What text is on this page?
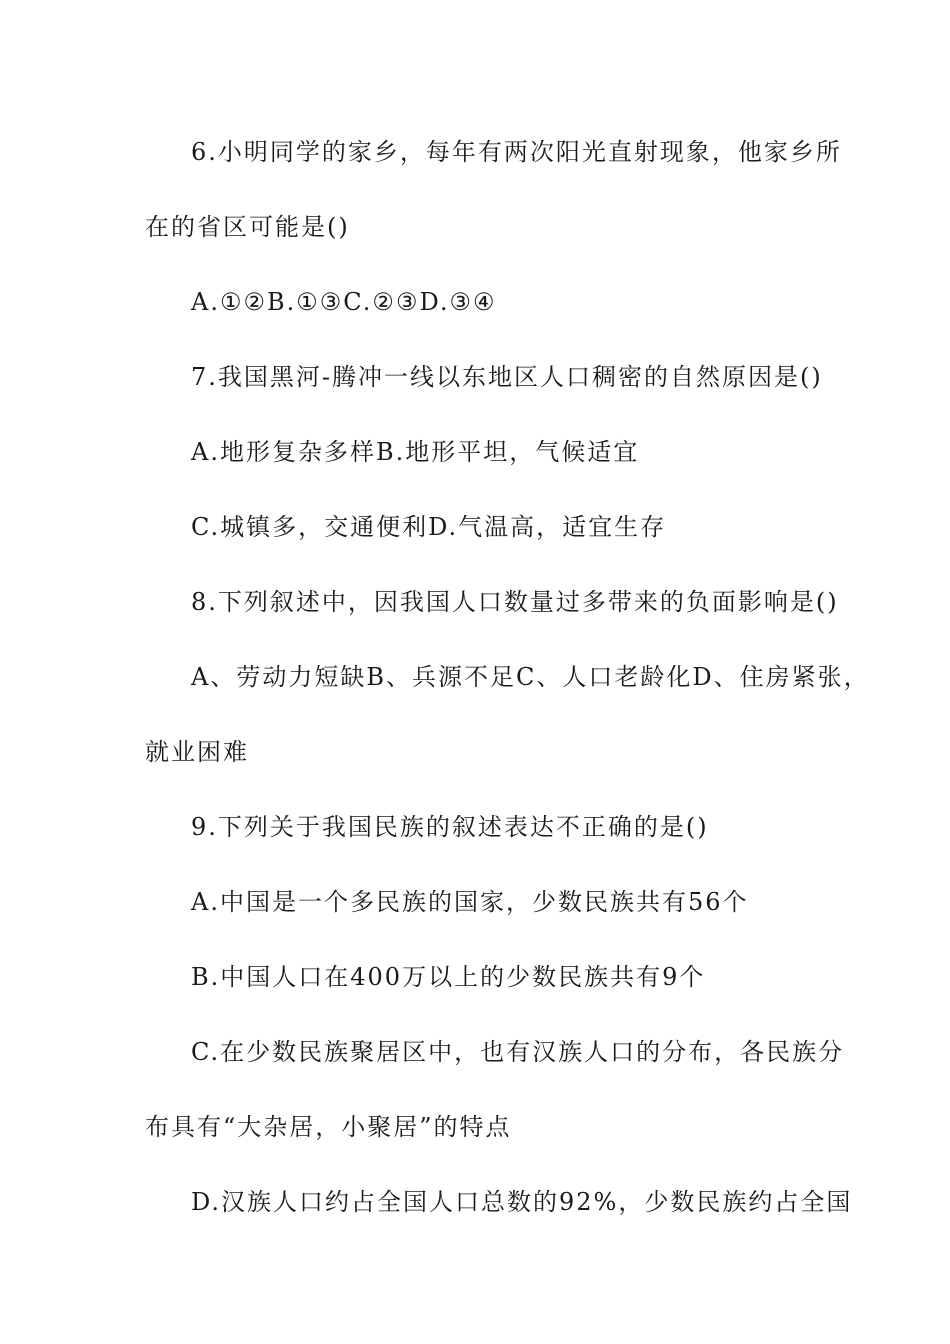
6.小明同学的家乡，每年有两次阳光直射现象，他家乡所
在的省区可能是()
A.①②B.①③C.②③D.③④
7.我国黑河-腾冲一线以东地区人口稠密的自然原因是()
A.地形复杂多样B.地形平坦，气候适宜
C.城镇多，交通便利D.气温高，适宜生存
8.下列叙述中，因我国人口数量过多带来的负面影响是()
A、劳动力短缺B、兵源不足C、人口老龄化D、住房紧张，
就业困难
9.下列关于我国民族的叙述表达不正确的是()
A.中国是一个多民族的国家，少数民族共有56个
B.中国人口在400万以上的少数民族共有9个
C.在少数民族聚居区中，也有汉族人口的分布，各民族分
布具有“大杂居，小聚居”的特点
D.汉族人口约占全国人口总数的92%，少数民族约占全国
